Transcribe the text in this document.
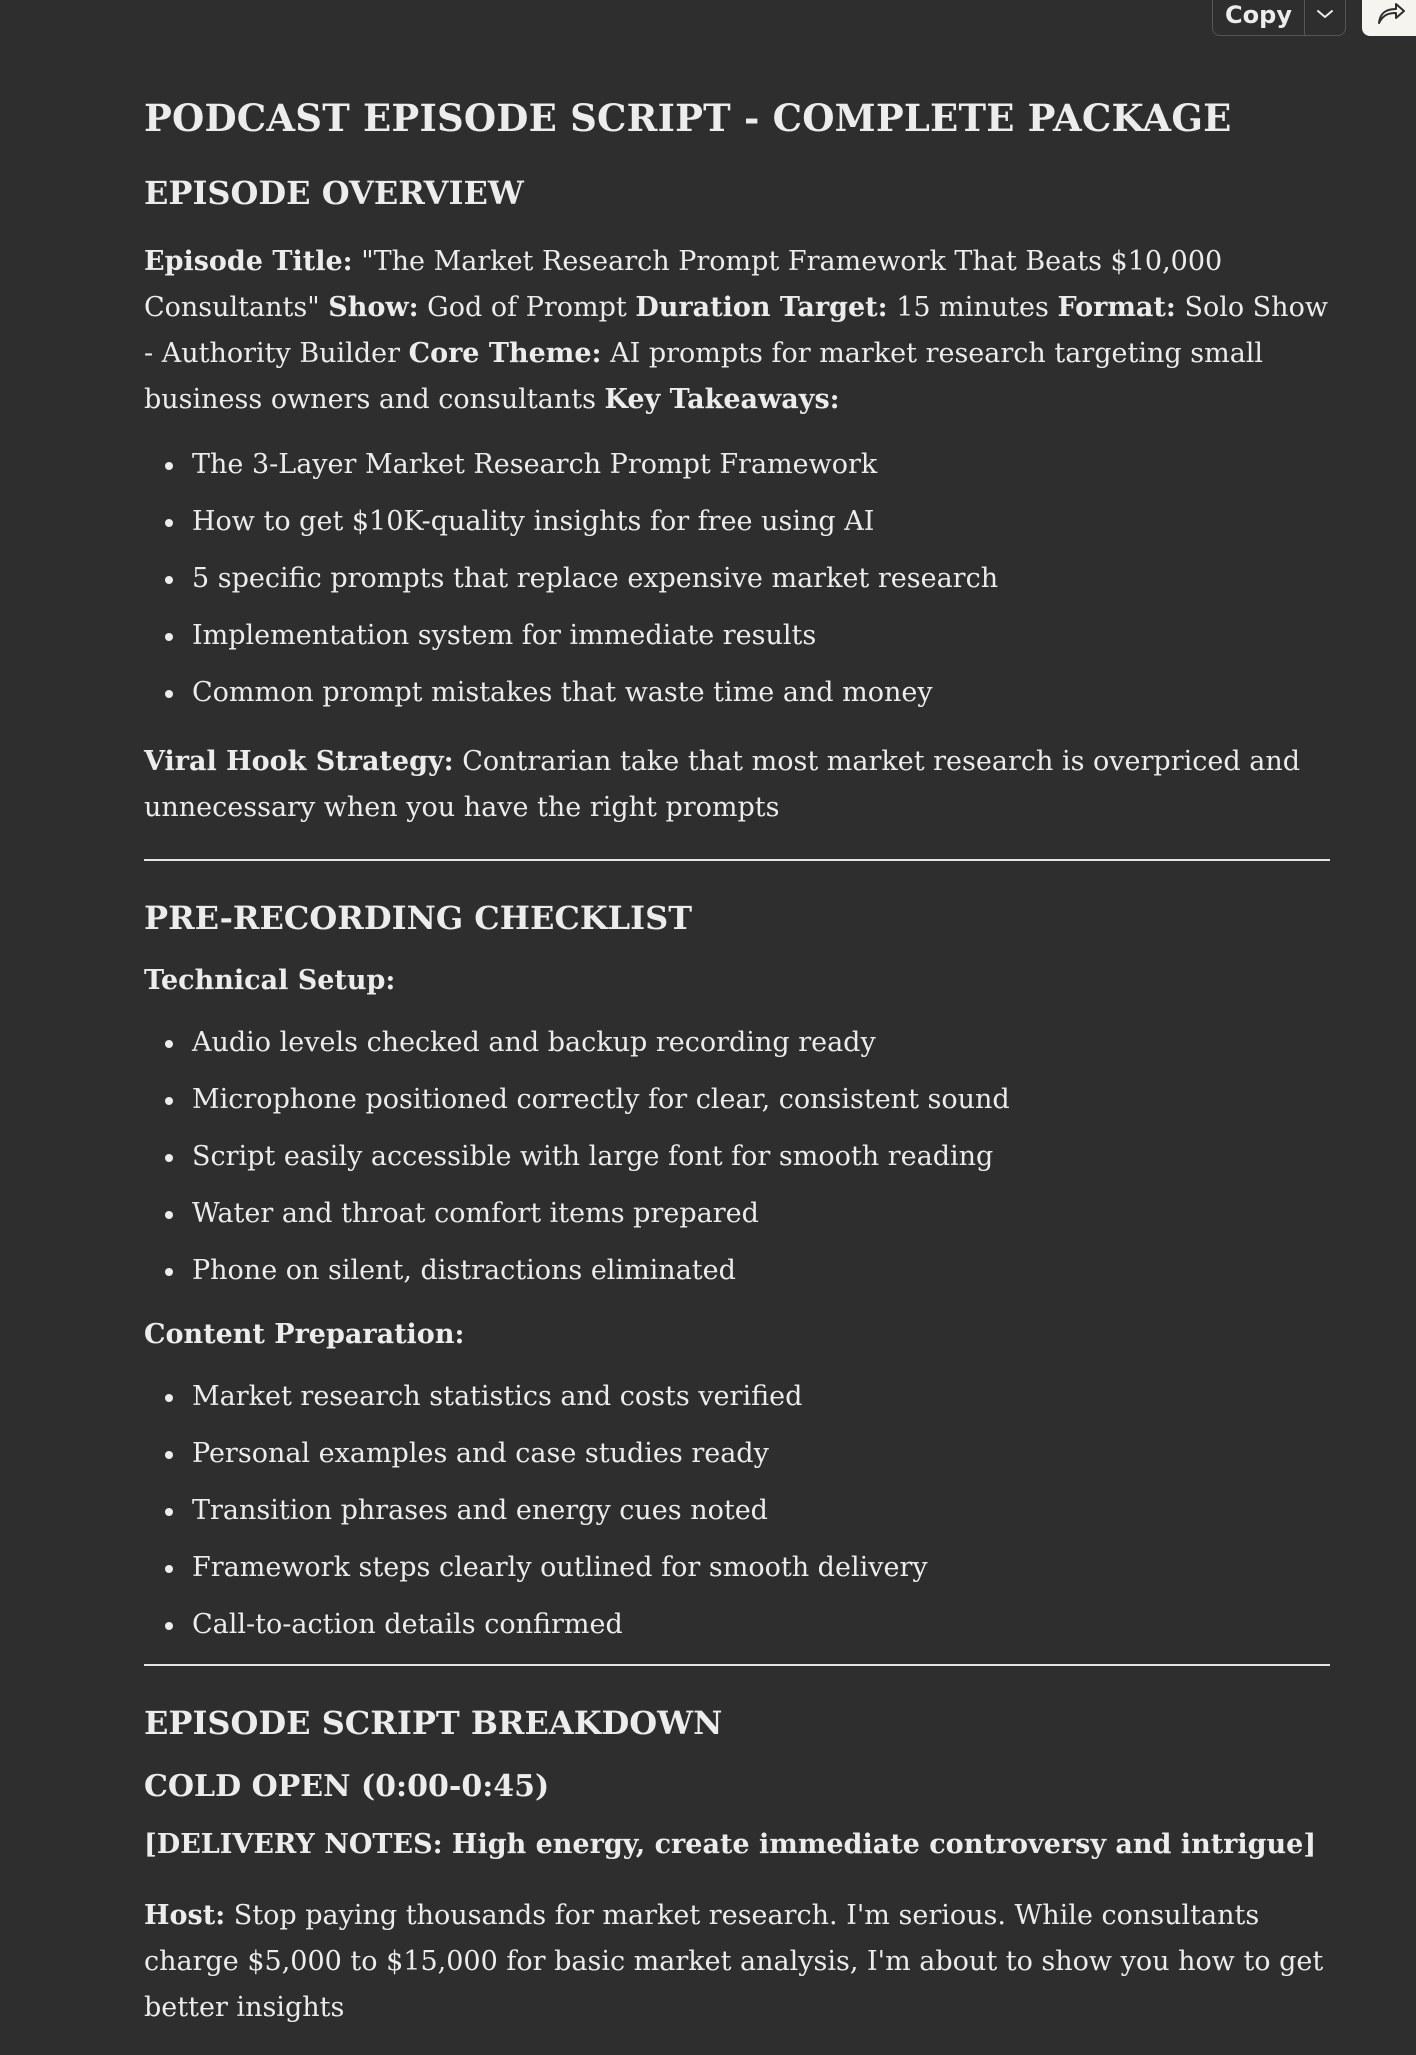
Copy
PODCAST EPISODE SCRIPT - COMPLETE PACKAGE
EPISODE OVERVIEW

Episode Title: "The Market Research Prompt Framework That Beats $10,000 Consultants" Show: God of Prompt Duration Target: 15 minutes Format: Solo Show - Authority Builder Core Theme: AI prompts for market research targeting small business owners and consultants Key Takeaways:

The 3-Layer Market Research Prompt Framework
How to get $10K-quality insights for free using AI
5 specific prompts that replace expensive market research
Implementation system for immediate results
Common prompt mistakes that waste time and money

Viral Hook Strategy: Contrarian take that most market research is overpriced and unnecessary when you have the right prompts

PRE-RECORDING CHECKLIST
Technical Setup:
Audio levels checked and backup recording ready
Microphone positioned correctly for clear, consistent sound
Script easily accessible with large font for smooth reading
Water and throat comfort items prepared
Phone on silent, distractions eliminated
Content Preparation:
Market research statistics and costs verified
Personal examples and case studies ready
Transition phrases and energy cues noted
Framework steps clearly outlined for smooth delivery
Call-to-action details confirmed
EPISODE SCRIPT BREAKDOWN
COLD OPEN (0:00-0:45)
[DELIVERY NOTES: High energy, create immediate controversy and intrigue]

Host: Stop paying thousands for market research. I'm serious. While consultants charge $5,000 to $15,000 for basic market analysis, I'm about to show you how to get better insights
